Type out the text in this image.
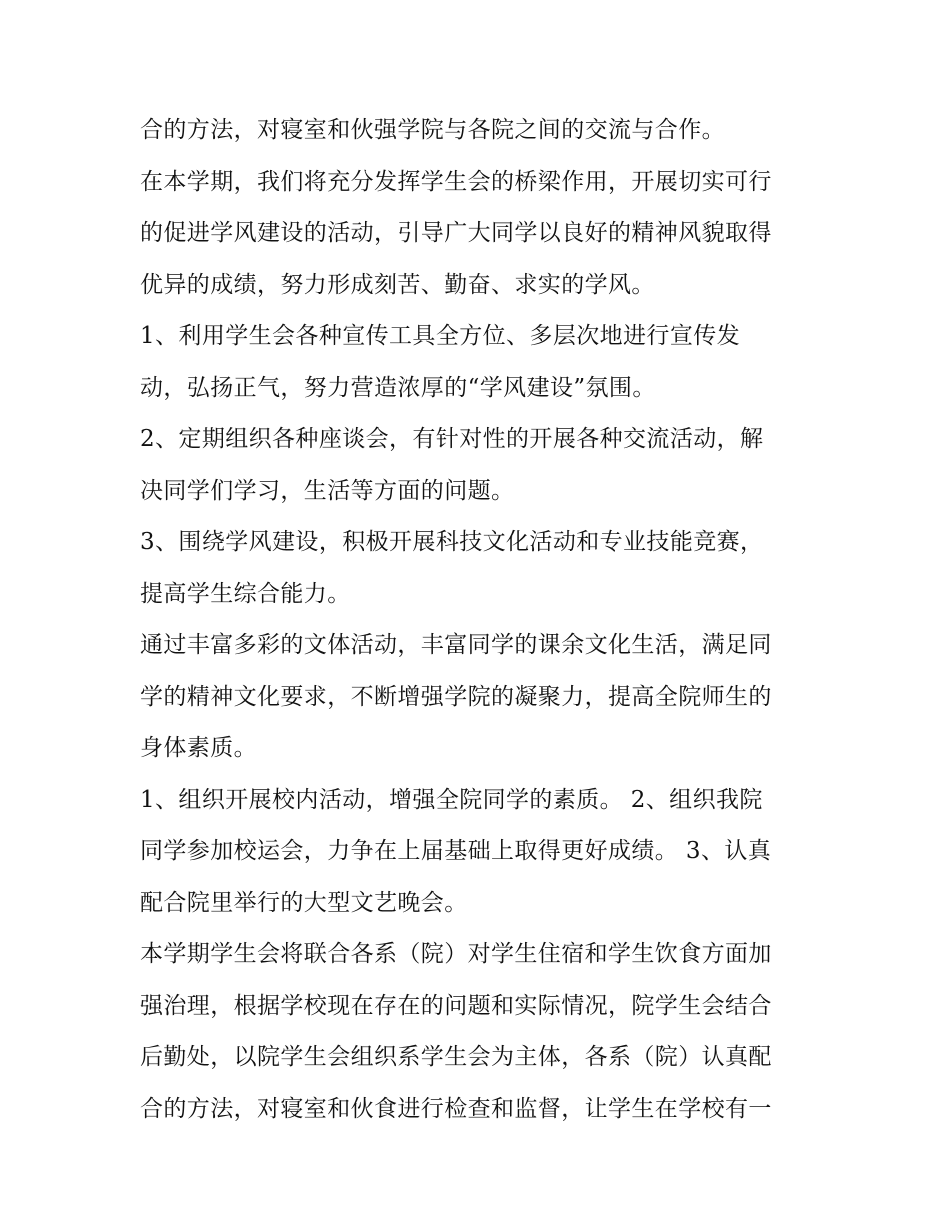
合的方法，对寝室和伙强学院与各院之间的交流与合作。
在本学期，我们将充分发挥学生会的桥梁作用，开展切实可行
的促进学风建设的活动，引导广大同学以良好的精神风貌取得
优异的成绩，努力形成刻苦、勤奋、求实的学风。
1、利用学生会各种宣传工具全方位、多层次地进行宣传发
动，弘扬正气，努力营造浓厚的“学风建设”氛围。
2、定期组织各种座谈会，有针对性的开展各种交流活动，解
决同学们学习，生活等方面的问题。
3、围绕学风建设，积极开展科技文化活动和专业技能竞赛，
提高学生综合能力。
通过丰富多彩的文体活动，丰富同学的课余文化生活，满足同
学的精神文化要求，不断增强学院的凝聚力，提高全院师生的
身体素质。
1、组织开展校内活动，增强全院同学的素质。 2、组织我院
同学参加校运会，力争在上届基础上取得更好成绩。 3、认真
配合院里举行的大型文艺晚会。
本学期学生会将联合各系（院）对学生住宿和学生饮食方面加
强治理，根据学校现在存在的问题和实际情况，院学生会结合
后勤处，以院学生会组织系学生会为主体，各系（院）认真配
合的方法，对寝室和伙食进行检查和监督，让学生在学校有一
